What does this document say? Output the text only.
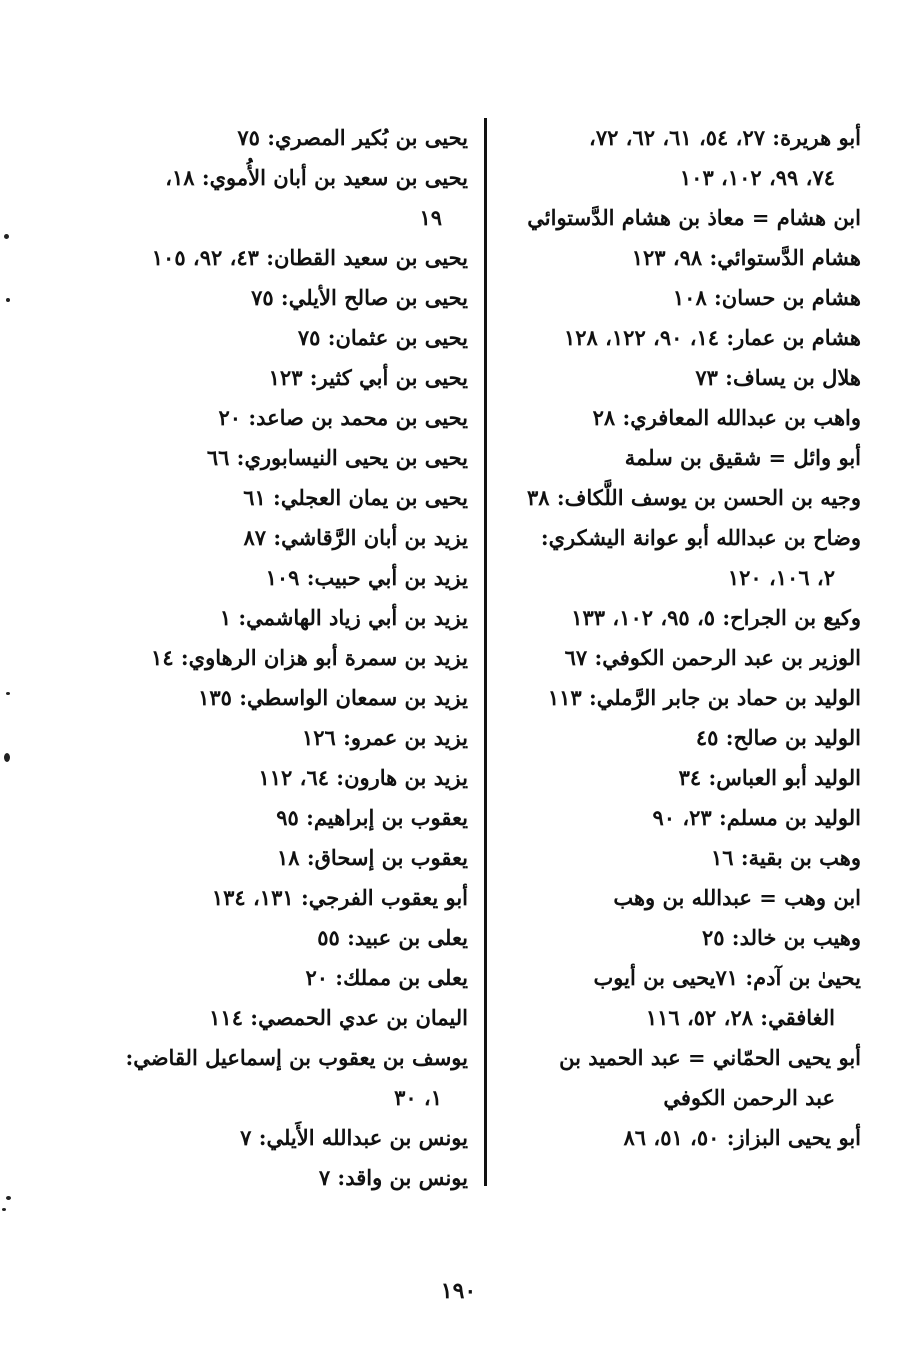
أبو هريرة: ٢٧، ٥٤، ٦١، ٦٢، ٧٢،
٧٤، ٩٩، ١٠٢، ١٠٣

ابن هشام = معاذ بن هشام الدَّستوائي

هشام الدَّستوائي: ٩٨، ١٢٣

هشام بن حسان: ١٠٨

هشام بن عمار: ١٤، ٩٠، ١٢٢، ١٢٨

هلال بن يساف: ٧٣

واهب بن عبدالله المعافري: ٢٨

أبو وائل = شقيق بن سلمة

وجيه بن الحسن بن يوسف اللَّكاف: ٣٨

وضاح بن عبدالله أبو عوانة اليشكري:
٢، ١٠٦، ١٢٠

وكيع بن الجراح: ٥، ٩٥، ١٠٢، ١٣٣

الوزير بن عبد الرحمن الكوفي: ٦٧

الوليد بن حماد بن جابر الرَّملي: ١١٣

الوليد بن صالح: ٤٥

الوليد أبو العباس: ٣٤

الوليد بن مسلم: ٢٣، ٩٠

وهب بن بقية: ١٦

ابن وهب = عبدالله بن وهب

وهيب بن خالد: ٢٥

يحيىٰ بن آدم: ٧١يحيى بن أيوب
الغافقي: ٢٨، ٥٢، ١١٦

أبو يحيى الحمّاني = عبد الحميد بن
عبد الرحمن الكوفي

أبو يحيى البزاز: ٥٠، ٥١، ٨٦

يحيى بن بُكير المصري: ٧٥

يحيى بن سعيد بن أبان الأُموي: ١٨،
١٩

يحيى بن سعيد القطان: ٤٣، ٩٢، ١٠٥

يحيى بن صالح الأيلي: ٧٥

يحيى بن عثمان: ٧٥

يحيى بن أبي كثير: ١٢٣

يحيى بن محمد بن صاعد: ٢٠

يحيى بن يحيى النيسابوري: ٦٦

يحيى بن يمان العجلي: ٦١

يزيد بن أبان الرَّقاشي: ٨٧

يزيد بن أبي حبيب: ١٠٩

يزيد بن أبي زياد الهاشمي: ١

يزيد بن سمرة أبو هزان الرهاوي: ١٤

يزيد بن سمعان الواسطي: ١٣٥

يزيد بن عمرو: ١٢٦

يزيد بن هارون: ٦٤، ١١٢

يعقوب بن إبراهيم: ٩٥

يعقوب بن إسحاق: ١٨

أبو يعقوب الفرجي: ١٣١، ١٣٤

يعلى بن عبيد: ٥٥

يعلى بن مملك: ٢٠

اليمان بن عدي الحمصي: ١١٤

يوسف بن يعقوب بن إسماعيل القاضي:
١، ٣٠

يونس بن عبدالله الأَيلي: ٧

يونس بن واقد: ٧

١٩٠
